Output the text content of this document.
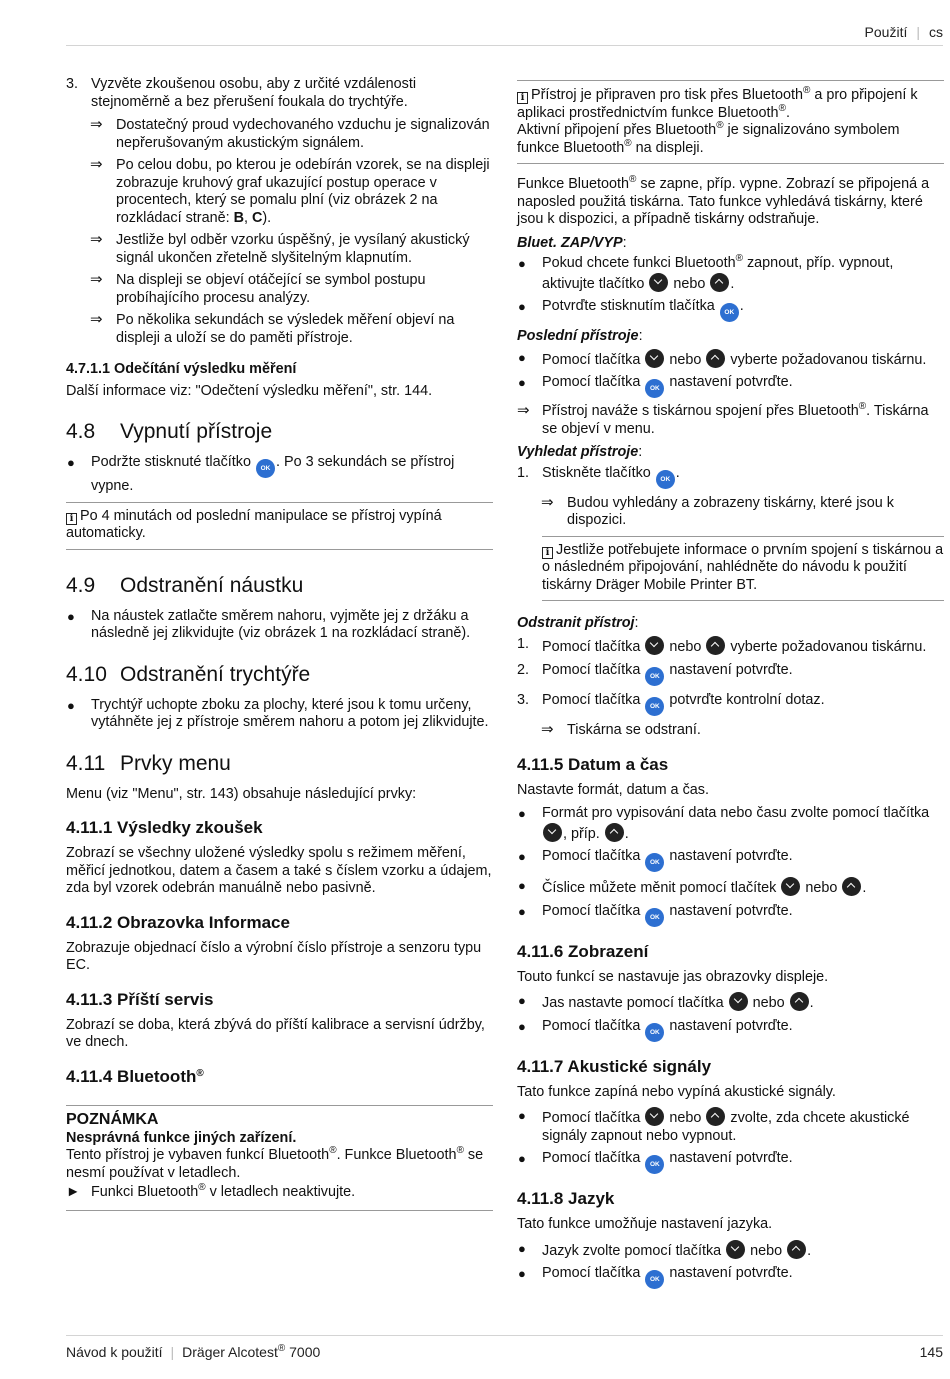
Použití | cs
3. Vyzvěte zkoušenou osobu, aby z určité vzdálenosti stejnoměrně a bez přerušení foukala do trychtýře.
⇒ Dostatečný proud vydechovaného vzduchu je signalizován nepřerušovaným akustickým signálem.
⇒ Po celou dobu, po kterou je odebírán vzorek, se na displeji zobrazuje kruhový graf ukazující postup operace v procentech, který se pomalu plní (viz obrázek 2 na rozkládací straně: B, C).
⇒ Jestliže byl odběr vzorku úspěšný, je vysílaný akustický signál ukončen zřetelně slyšitelným klapnutím.
⇒ Na displeji se objeví otáčející se symbol postupu probíhajícího procesu analýzy.
⇒ Po několika sekundách se výsledek měření objeví na displeji a uloží se do paměti přístroje.
4.7.1.1 Odečítání výsledku měření

Další informace viz: "Odečtení výsledku měření", str. 144.

4.8 Vypnutí přístroje
● Podržte stisknuté tlačítko OK . Po 3 sekundách se přístroj vypne.
i Po 4 minutách od poslední manipulace se přístroj vypíná automaticky.
4.9 Odstranění náustku
● Na náustek zatlačte směrem nahoru, vyjměte jej z držáku a následně jej zlikvidujte (viz obrázek 1 na rozkládací straně).
4.10 Odstranění trychtýře
● Trychtýř uchopte zboku za plochy, které jsou k tomu určeny, vytáhněte jej z přístroje směrem nahoru a potom jej zlikvidujte.
4.11 Prvky menu

Menu (viz "Menu", str. 143) obsahuje následující prvky:

4.11.1 Výsledky zkoušek

Zobrazí se všechny uložené výsledky spolu s režimem měření, měřicí jednotkou, datem a časem a také s číslem vzorku a údajem, zda byl vzorek odebrán manuálně nebo pasivně.

4.11.2 Obrazovka Informace

Zobrazuje objednací číslo a výrobní číslo přístroje a senzoru typu EC.

4.11.3 Příští servis

Zobrazí se doba, která zbývá do příští kalibrace a servisní údržby, ve dnech.

4.11.4 Bluetooth®
POZNÁMKA
Nesprávná funkce jiných zařízení.
Tento přístroj je vybaven funkcí Bluetooth®. Funkce Bluetooth® se nesmí používat v letadlech.
► Funkci Bluetooth® v letadlech neaktivujte.
i Přístroj je připraven pro tisk přes Bluetooth® a pro připojení k aplikaci prostřednictvím funkce Bluetooth®.
Aktivní připojení přes Bluetooth® je signalizováno symbolem funkce Bluetooth® na displeji.

Funkce Bluetooth® se zapne, příp. vypne. Zobrazí se připojená a naposled použitá tiskárna. Tato funkce vyhledává tiskárny, které jsou k dispozici, a případně tiskárny odstraňuje.

Bluet. ZAP/VYP:
● Pokud chcete funkci Bluetooth® zapnout, příp. vypnout, aktivujte tlačítko  nebo .
● Potvrďte stisknutím tlačítka OK .
Poslední přístroje:
● Pomocí tlačítka  nebo  vyberte požadovanou tiskárnu.
● Pomocí tlačítka OK nastavení potvrďte.
⇒ Přístroj naváže s tiskárnou spojení přes Bluetooth®. Tiskárna se objeví v menu.
Vyhledat přístroje:
1. Stiskněte tlačítko OK .
⇒ Budou vyhledány a zobrazeny tiskárny, které jsou k dispozici.
i Jestliže potřebujete informace o prvním spojení s tiskárnou a o následném připojování, nahlédněte do návodu k použití tiskárny Dräger Mobile Printer BT.
Odstranit přístroj:
1. Pomocí tlačítka  nebo  vyberte požadovanou tiskárnu.
2. Pomocí tlačítka OK nastavení potvrďte.
3. Pomocí tlačítka OK potvrďte kontrolní dotaz.
⇒ Tiskárna se odstraní.
4.11.5 Datum a čas

Nastavte formát, datum a čas.

● Formát pro vypisování data nebo času zvolte pomocí tlačítka , příp. .
● Pomocí tlačítka OK nastavení potvrďte.
● Číslice můžete měnit pomocí tlačítek  nebo .
● Pomocí tlačítka OK nastavení potvrďte.
4.11.6 Zobrazení

Touto funkcí se nastavuje jas obrazovky displeje.

● Jas nastavte pomocí tlačítka  nebo .
● Pomocí tlačítka OK nastavení potvrďte.
4.11.7 Akustické signály

Tato funkce zapíná nebo vypíná akustické signály.

● Pomocí tlačítka  nebo  zvolte, zda chcete akustické signály zapnout nebo vypnout.
● Pomocí tlačítka OK nastavení potvrďte.
4.11.8 Jazyk

Tato funkce umožňuje nastavení jazyka.

● Jazyk zvolte pomocí tlačítka  nebo .
● Pomocí tlačítka OK nastavení potvrďte.
Návod k použití | Dräger Alcotest® 7000	145
